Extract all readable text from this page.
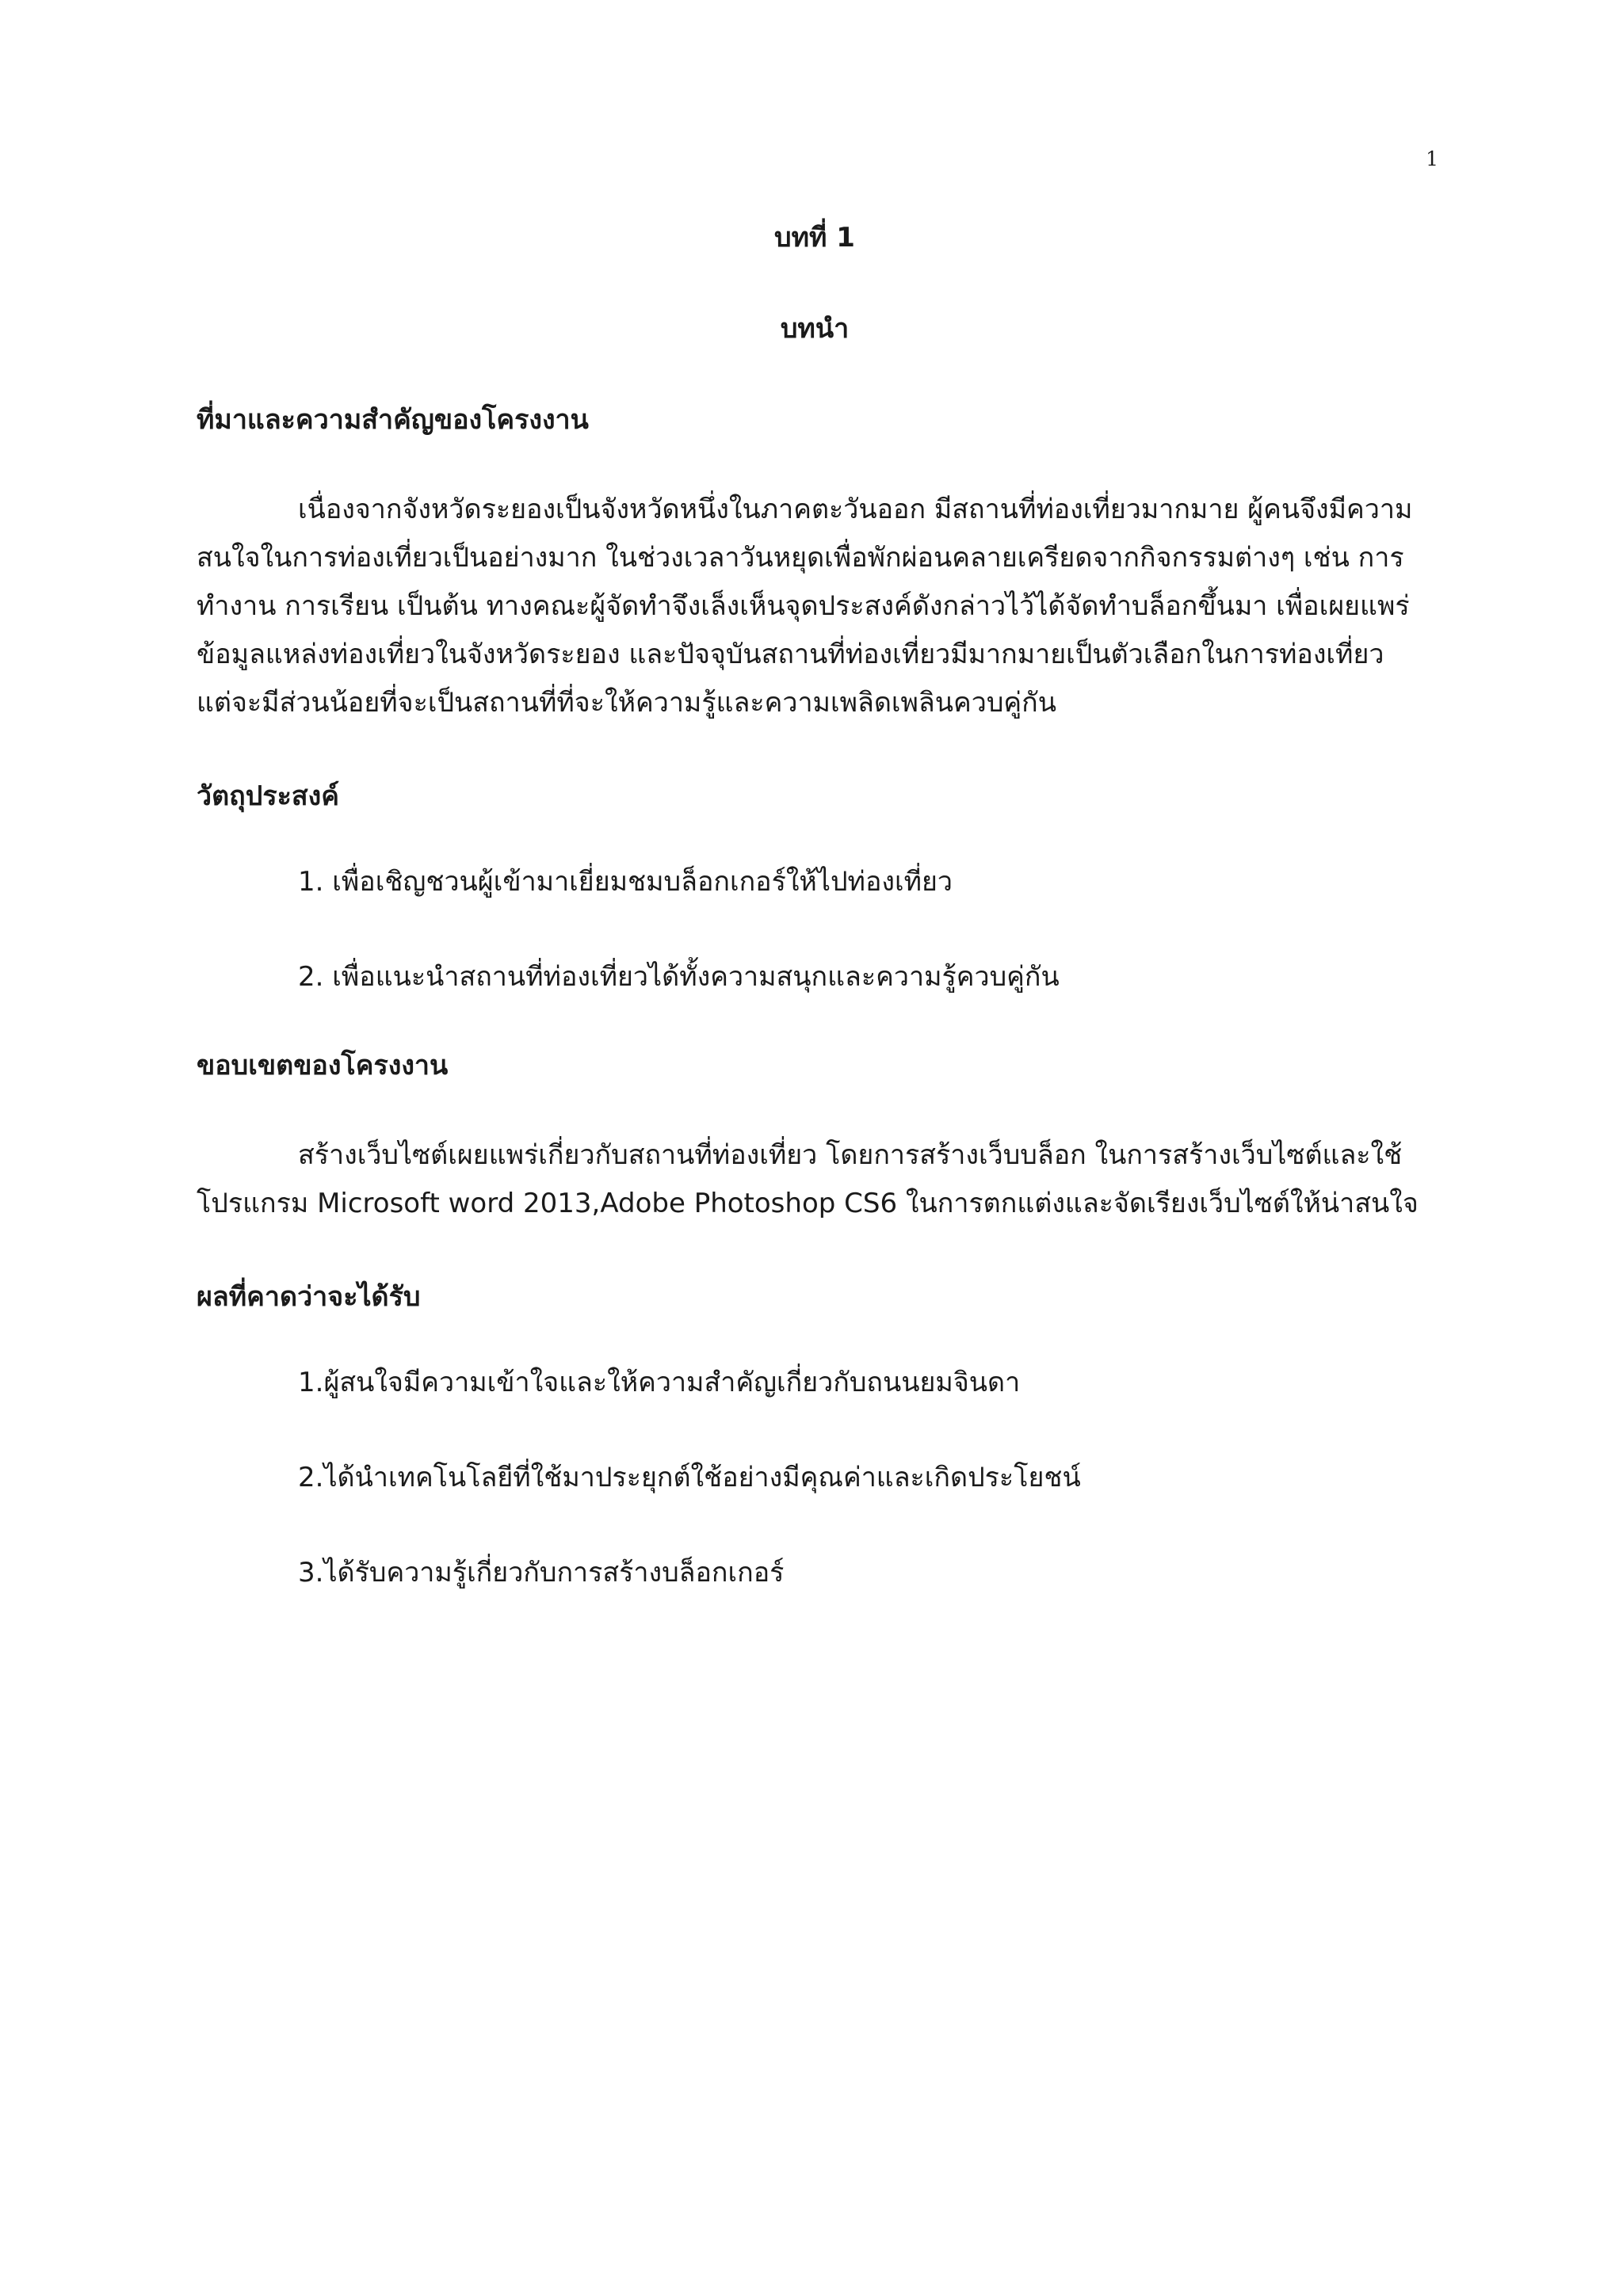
1
บทที่ 1
บทนำ
ที่มาและความสำคัญของโครงงาน
เนื่องจากจังหวัดระยองเป็นจังหวัดหนึ่งในภาคตะวันออก มีสถานที่ท่องเที่ยวมากมาย ผู้คนจึงมีความ
สนใจในการท่องเที่ยวเป็นอย่างมาก ในช่วงเวลาวันหยุดเพื่อพักผ่อนคลายเครียดจากกิจกรรมต่างๆ เช่น การ
ทำงาน การเรียน เป็นต้น ทางคณะผู้จัดทำจึงเล็งเห็นจุดประสงค์ดังกล่าวไว้ได้จัดทำบล็อกขึ้นมา เพื่อเผยแพร่
ข้อมูลแหล่งท่องเที่ยวในจังหวัดระยอง และปัจจุบันสถานที่ท่องเที่ยวมีมากมายเป็นตัวเลือกในการท่องเที่ยว
แต่จะมีส่วนน้อยที่จะเป็นสถานที่ที่จะให้ความรู้และความเพลิดเพลินควบคู่กัน
วัตถุประสงค์
1. เพื่อเชิญชวนผู้เข้ามาเยี่ยมชมบล็อกเกอร์ให้ไปท่องเที่ยว
2. เพื่อแนะนำสถานที่ท่องเที่ยวได้ทั้งความสนุกและความรู้ควบคู่กัน
ขอบเขตของโครงงาน
สร้างเว็บไซต์เผยแพร่เกี่ยวกับสถานที่ท่องเที่ยว โดยการสร้างเว็บบล็อก ในการสร้างเว็บไซต์และใช้
โปรแกรม Microsoft word 2013,Adobe Photoshop CS6 ในการตกแต่งและจัดเรียงเว็บไซต์ให้น่าสนใจ
ผลที่คาดว่าจะได้รับ
1.ผู้สนใจมีความเข้าใจและให้ความสำคัญเกี่ยวกับถนนยมจินดา
2.ได้นำเทคโนโลยีที่ใช้มาประยุกต์ใช้อย่างมีคุณค่าและเกิดประโยชน์
3.ได้รับความรู้เกี่ยวกับการสร้างบล็อกเกอร์
